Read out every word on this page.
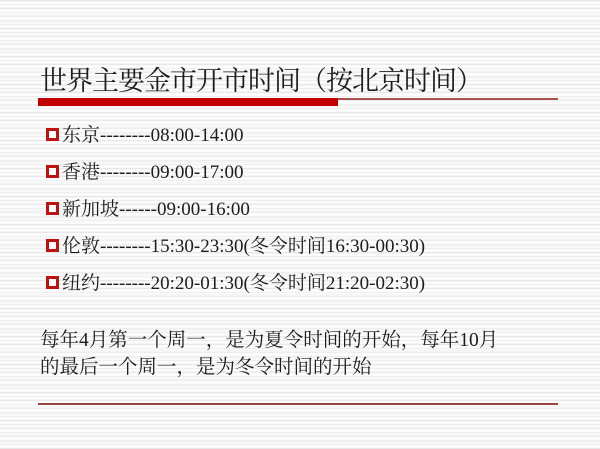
世界主要金市开市时间（按北京时间）
东京--------08:00-14:00
香港--------09:00-17:00
新加坡------09:00-16:00
伦敦--------15:30-23:30(冬令时间16:30-00:30)
纽约--------20:20-01:30(冬令时间21:20-02:30)

每年4月第一个周一，是为夏令时间的开始，每年10月
的最后一个周一，是为冬令时间的开始
